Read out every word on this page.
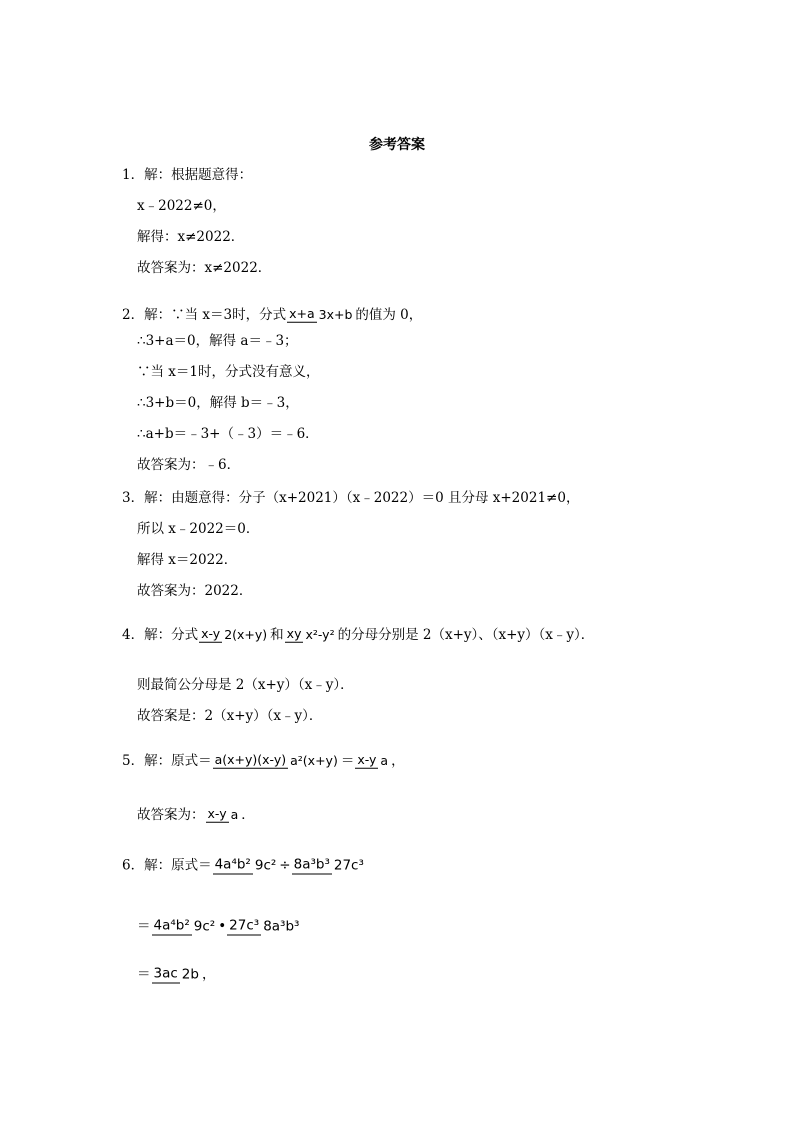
参考答案
1．解：根据题意得：
x﹣2022≠0，
解得：x≠2022．
故答案为：x≠2022．
2．解：∵当 x＝3时，分式 x+a 3x+b 的值为 0，
∴3+a＝0，解得 a＝﹣3；
∵当 x＝1时，分式没有意义，
∴3+b＝0，解得 b＝﹣3，
∴a+b＝﹣3+（﹣3）＝﹣6．
故答案为：﹣6．
3．解：由题意得：分子（x+2021）（x﹣2022）＝0 且分母 x+2021≠0，
所以 x﹣2022＝0．
解得 x＝2022．
故答案为：2022．
4．解：分式 x-y 2(x+y) 和 xy x²-y² 的分母分别是 2（x+y）、（x+y）（x﹣y）．
则最简公分母是 2（x+y）（x﹣y）．
故答案是：2（x+y）（x﹣y）．
5．解：原式＝ a(x+y)(x-y) a²(x+y) ＝ x-y a ，
故答案为： x-y a ．
6．解：原式＝ 4a⁴b² 9c² ÷ 8a³b³ 27c³
＝ 4a⁴b² 9c² • 27c³ 8a³b³
＝ 3ac 2b ，
